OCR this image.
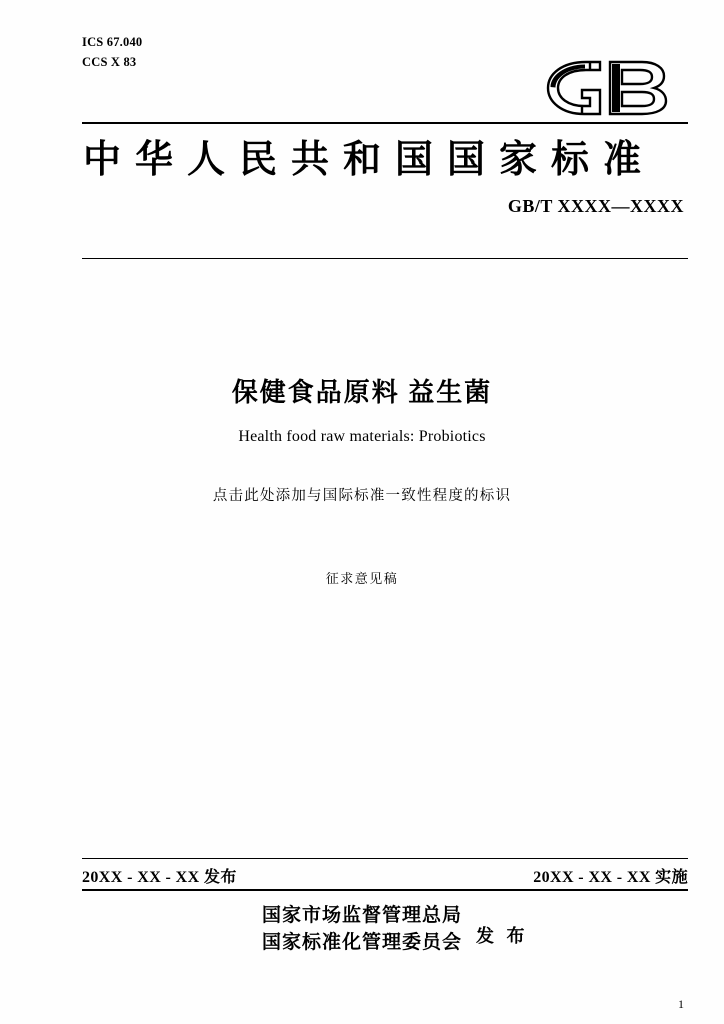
ICS 67.040
CCS X 83
中华人民共和国国家标准
GB/T XXXX—XXXX
保健食品原料 益生菌
Health food raw materials: Probiotics
点击此处添加与国际标准一致性程度的标识
征求意见稿
20XX - XX - XX 发布	20XX - XX - XX 实施
国家市场监督管理总局
国家标准化管理委员会 发 布
1
